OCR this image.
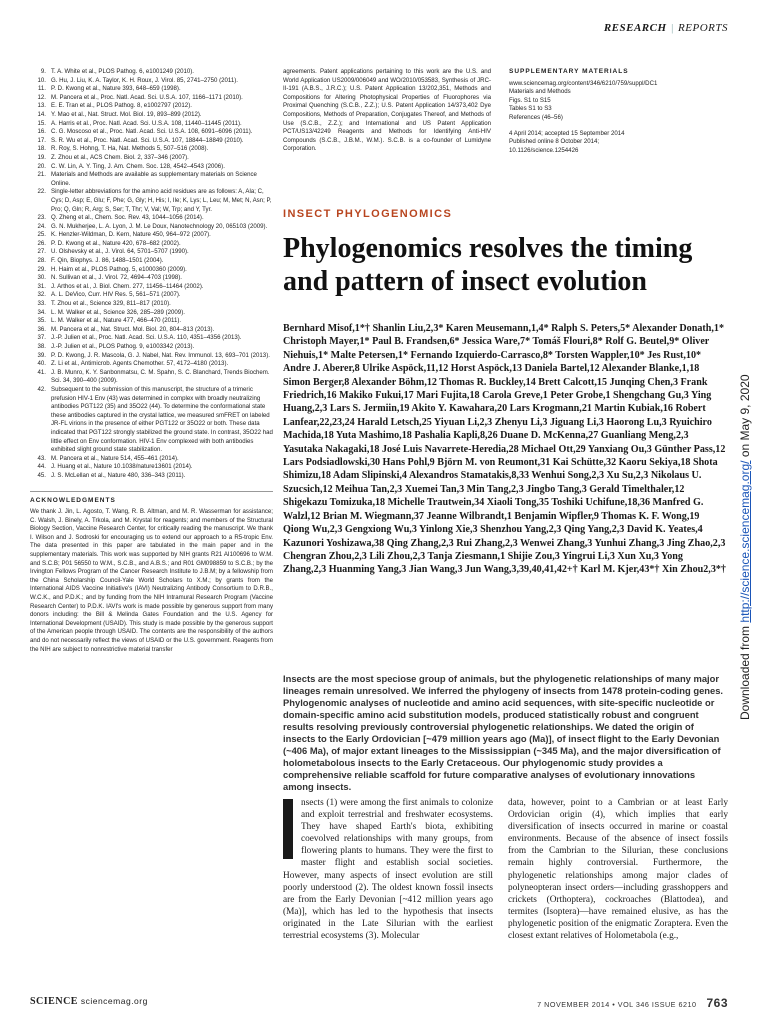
RESEARCH | REPORTS
9. T. A. White et al., PLOS Pathog. 6, e1001249 (2010).
10. G. Hu, J. Liu, K. A. Taylor, K. H. Roux, J. Virol. 85, 2741–2750 (2011).
11. P. D. Kwong et al., Nature 393, 648–659 (1998).
12. M. Pancera et al., Proc. Natl. Acad. Sci. U.S.A. 107, 1166–1171 (2010).
13. E. E. Tran et al., PLOS Pathog. 8, e1002797 (2012).
14. Y. Mao et al., Nat. Struct. Mol. Biol. 19, 893–899 (2012).
15. A. Harris et al., Proc. Natl. Acad. Sci. U.S.A. 108, 11440–11445 (2011).
16. C. G. Moscoso et al., Proc. Natl. Acad. Sci. U.S.A. 108, 6091–6096 (2011).
17. S. R. Wu et al., Proc. Natl. Acad. Sci. U.S.A. 107, 18844–18849 (2010).
18. R. Roy, S. Hohng, T. Ha, Nat. Methods 5, 507–516 (2008).
19. Z. Zhou et al., ACS Chem. Biol. 2, 337–346 (2007).
20. C. W. Lin, A. Y. Ting, J. Am. Chem. Soc. 128, 4542–4543 (2006).
21. Materials and Methods are available as supplementary materials on Science Online.
22. Single-letter abbreviations for the amino acid residues are as follows: A, Ala; C, Cys; D, Asp; E, Glu; F, Phe; G, Gly; H, His; I, Ile; K, Lys; L, Leu; M, Met; N, Asn; P, Pro; Q, Gln; R, Arg; S, Ser; T, Thr; V, Val; W, Trp; and Y, Tyr.
23. Q. Zheng et al., Chem. Soc. Rev. 43, 1044–1056 (2014).
24. G. N. Mukherjee, L. A. Lyon, J. M. Le Doux, Nanotechnology 20, 065103 (2009).
25. K. Henzler-Wildman, D. Kern, Nature 450, 964–972 (2007).
26. P. D. Kwong et al., Nature 420, 678–682 (2002).
27. U. Olshevsky et al., J. Virol. 64, 5701–5707 (1990).
28. F. Qin, Biophys. J. 86, 1488–1501 (2004).
29. H. Haim et al., PLOS Pathog. 5, e1000360 (2009).
30. N. Sullivan et al., J. Virol. 72, 4694–4703 (1998).
31. J. Arthos et al., J. Biol. Chem. 277, 11456–11464 (2002).
32. A. L. DeVico, Curr. HIV Res. 5, 561–571 (2007).
33. T. Zhou et al., Science 329, 811–817 (2010).
34. L. M. Walker et al., Science 326, 285–289 (2009).
35. L. M. Walker et al., Nature 477, 466–470 (2011).
36. M. Pancera et al., Nat. Struct. Mol. Biol. 20, 804–813 (2013).
37. J.-P. Julien et al., Proc. Natl. Acad. Sci. U.S.A. 110, 4351–4356 (2013).
38. J.-P. Julien et al., PLOS Pathog. 9, e1003342 (2013).
39. P. D. Kwong, J. R. Mascola, G. J. Nabel, Nat. Rev. Immunol. 13, 693–701 (2013).
40. Z. Li et al., Antimicrob. Agents Chemother. 57, 4172–4180 (2013).
41. J. B. Munro, K. Y. Sanbonmatsu, C. M. Spahn, S. C. Blanchard, Trends Biochem. Sci. 34, 390–400 (2009).
42. Subsequent to the submission of this manuscript, the structure of a trimeric prefusion HIV-1 Env (43) was determined in complex with broadly neutralizing antibodies PGT122 (35) and 35O22 (44). To determine the conformational state these antibodies captured in the crystal lattice, we measured smFRET on labeled JR-FL virions in the presence of either PGT122 or 35O22 or both. These data indicated that PGT122 strongly stabilized the ground state. In contrast, 35O22 had little effect on Env conformation. HIV-1 Env complexed with both antibodies exhibited slight ground state stabilization.
43. M. Pancera et al., Nature 514, 455–461 (2014).
44. J. Huang et al., Nature 10.1038/nature13601 (2014).
45. J. S. McLellan et al., Nature 480, 336–343 (2011).
ACKNOWLEDGMENTS
We thank J. Jin, L. Agosto, T. Wang, R. B. Altman, and M. R. Wasserman for assistance; C. Walsh, J. Binely, A. Trkola, and M. Krystal for reagents; and members of the Structural Biology Section, Vaccine Research Center, for critically reading the manuscript. We thank I. Wilson and J. Sodroski for encouraging us to extend our approach to a R5-tropic Env. The data presented in this paper are tabulated in the main paper and in the supplementary materials. This work was supported by NIH grants R21 AI100696 to W.M. and S.C.B; P01 56550 to W.M., S.C.B., and A.B.S.; and R01 GM098859 to S.C.B.; by the Irvington Fellows Program of the Cancer Research Institute to J.B.M; by a fellowship from the China Scholarship Council-Yale World Scholars to X.M.; by grants from the International AIDS Vaccine Initiative's (IAVI) Neutralizing Antibody Consortium to D.R.B., W.C.K., and P.D.K.; and by funding from the NIH Intramural Research Program (Vaccine Research Center) to P.D.K. IAVI's work is made possible by generous support from many donors including: the Bill & Melinda Gates Foundation and the U.S. Agency for International Development (USAID). This study is made possible by the generous support of the American people through USAID. The contents are the responsibility of the authors and do not necessarily reflect the views of USAID or the U.S. government. Reagents from the NIH are subject to nonrestrictive material transfer
agreements. Patent applications pertaining to this work are the U.S. and World Application US2009/006049 and WO/2010/053583, Synthesis of JRC-II-191 (A.B.S., J.R.C.); U.S. Patent Application 13/202,351, Methods and Compositions for Altering Photophysical Properties of Fluorophores via Proximal Quenching (S.C.B., Z.Z.); U.S. Patent Application 14/373,402 Dye Compositions, Methods of Preparation, Conjugates Thereof, and Methods of Use (S.C.B., Z.Z.); and International and US Patent Application PCT/US13/42249 Reagents and Methods for Identifying Anti-HIV Compounds (S.C.B., J.B.M., W.M.). S.C.B. is a co-founder of Lumidyne Corporation.
SUPPLEMENTARY MATERIALS
www.sciencemag.org/content/346/6210/759/suppl/DC1
Materials and Methods
Figs. S1 to S15
Tables S1 to S3
References (46–56)
4 April 2014; accepted 15 September 2014
Published online 8 October 2014;
10.1126/science.1254426
INSECT PHYLOGENOMICS
Phylogenomics resolves the timing and pattern of insect evolution
Bernhard Misof,1*† Shanlin Liu,2,3* Karen Meusemann,1,4* Ralph S. Peters,5* Alexander Donath,1* Christoph Mayer,1* Paul B. Frandsen,6* Jessica Ware,7* Tomáš Flouri,8* Rolf G. Beutel,9* Oliver Niehuis,1* Malte Petersen,1* Fernando Izquierdo-Carrasco,8* Torsten Wappler,10* Jes Rust,10* Andre J. Aberer,8 Ulrike Aspöck,11,12 Horst Aspöck,13 Daniela Bartel,12 Alexander Blanke,1,18 Simon Berger,8 Alexander Böhm,12 Thomas R. Buckley,14 Brett Calcott,15 Junqing Chen,3 Frank Friedrich,16 Makiko Fukui,17 Mari Fujita,18 Carola Greve,1 Peter Grobe,1 Shengchang Gu,3 Ying Huang,2,3 Lars S. Jermiin,19 Akito Y. Kawahara,20 Lars Krogmann,21 Martin Kubiak,16 Robert Lanfear,22,23,24 Harald Letsch,25 Yiyuan Li,2,3 Zhenyu Li,3 Jiguang Li,3 Haorong Lu,3 Ryuichiro Machida,18 Yuta Mashimo,18 Pashalia Kapli,8,26 Duane D. McKenna,27 Guanliang Meng,2,3 Yasutaka Nakagaki,18 José Luis Navarrete-Heredia,28 Michael Ott,29 Yanxiang Ou,3 Günther Pass,12 Lars Podsiadlowski,30 Hans Pohl,9 Björn M. von Reumont,31 Kai Schütte,32 Kaoru Sekiya,18 Shota Shimizu,18 Adam Slipinski,4 Alexandros Stamatakis,8,33 Wenhui Song,2,3 Xu Su,2,3 Nikolaus U. Szucsich,12 Meihua Tan,2,3 Xuemei Tan,3 Min Tang,2,3 Jingbo Tang,3 Gerald Timelthaler,12 Shigekazu Tomizuka,18 Michelle Trautwein,34 Xiaoli Tong,35 Toshiki Uchifune,18,36 Manfred G. Walzl,12 Brian M. Wiegmann,37 Jeanne Wilbrandt,1 Benjamin Wipfler,9 Thomas K. F. Wong,19 Qiong Wu,2,3 Gengxiong Wu,3 Yinlong Xie,3 Shenzhou Yang,2,3 Qing Yang,2,3 David K. Yeates,4 Kazunori Yoshizawa,38 Qing Zhang,2,3 Rui Zhang,2,3 Wenwei Zhang,3 Yunhui Zhang,3 Jing Zhao,2,3 Chengran Zhou,2,3 Lili Zhou,2,3 Tanja Ziesmann,1 Shijie Zou,3 Yingrui Li,3 Xun Xu,3 Yong Zhang,2,3 Huanming Yang,3 Jian Wang,3 Jun Wang,3,39,40,41,42+† Karl M. Kjer,43*† Xin Zhou2,3*†
Insects are the most speciose group of animals, but the phylogenetic relationships of many major lineages remain unresolved. We inferred the phylogeny of insects from 1478 protein-coding genes. Phylogenomic analyses of nucleotide and amino acid sequences, with site-specific nucleotide or domain-specific amino acid substitution models, produced statistically robust and congruent results resolving previously controversial phylogenetic relationships. We dated the origin of insects to the Early Ordovician [~479 million years ago (Ma)], of insect flight to the Early Devonian (~406 Ma), of major extant lineages to the Mississippian (~345 Ma), and the major diversification of holometabolous insects to the Early Cretaceous. Our phylogenomic study provides a comprehensive reliable scaffold for future comparative analyses of evolutionary innovations among insects.
nsects (1) were among the first animals to colonize and exploit terrestrial and freshwater ecosystems. They have shaped Earth's biota, exhibiting coevolved relationships with many groups, from flowering plants to humans. They were the first to master flight and establish social societies. However, many aspects of insect evolution are still poorly understood (2). The oldest known fossil insects are from the Early Devonian [~412 million years ago (Ma)], which has led to the hypothesis that insects originated in the Late Silurian with the earliest terrestrial ecosystems (3). Molecular
data, however, point to a Cambrian or at least Early Ordovician origin (4), which implies that early diversification of insects occurred in marine or coastal environments. Because of the absence of insect fossils from the Cambrian to the Silurian, these conclusions remain highly controversial. Furthermore, the phylogenetic relationships among major clades of polyneopteran insect orders—including grasshoppers and crickets (Orthoptera), cockroaches (Blattodea), and termites (Isoptera)—have remained elusive, as has the phylogenetic position of the enigmatic Zoraptera. Even the closest extant relatives of Holometabola (e.g.,
Downloaded from http://science.sciencemag.org/ on May 9, 2020
SCIENCE sciencemag.org	7 NOVEMBER 2014 • VOL 346 ISSUE 6210 763
